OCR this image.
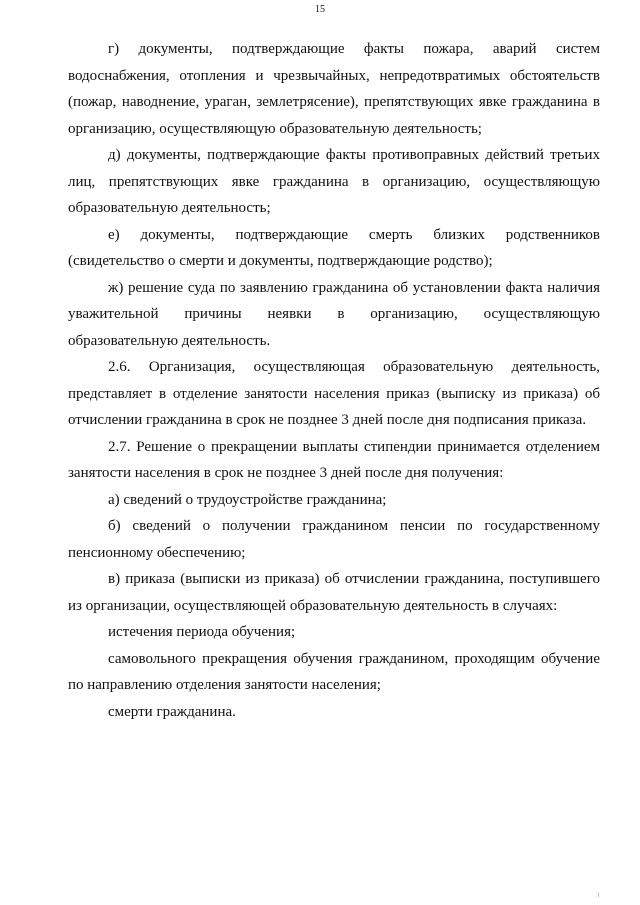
15

г) документы, подтверждающие факты пожара, аварий систем водоснабжения, отопления и чрезвычайных, непредотвратимых обстоятельств (пожар, наводнение, ураган, землетрясение), препятствующих явке гражданина в организацию, осуществляющую образовательную деятельность;

д) документы, подтверждающие факты противоправных действий третьих лиц, препятствующих явке гражданина в организацию, осуществляющую образовательную деятельность;

е) документы, подтверждающие смерть близких родственников (свидетельство о смерти и документы, подтверждающие родство);

ж) решение суда по заявлению гражданина об установлении факта наличия уважительной причины неявки в организацию, осуществляющую образовательную деятельность.

2.6. Организация, осуществляющая образовательную деятельность, представляет в отделение занятости населения приказ (выписку из приказа) об отчислении гражданина в срок не позднее 3 дней после дня подписания приказа.

2.7. Решение о прекращении выплаты стипендии принимается отделением занятости населения в срок не позднее 3 дней после дня получения:

а) сведений о трудоустройстве гражданина;

б) сведений о получении гражданином пенсии по государственному пенсионному обеспечению;

в) приказа (выписки из приказа) об отчислении гражданина, поступившего из организации, осуществляющей образовательную деятельность в случаях:

истечения периода обучения;

самовольного прекращения обучения гражданином, проходящим обучение по направлению отделения занятости населения;

смерти гражданина.
